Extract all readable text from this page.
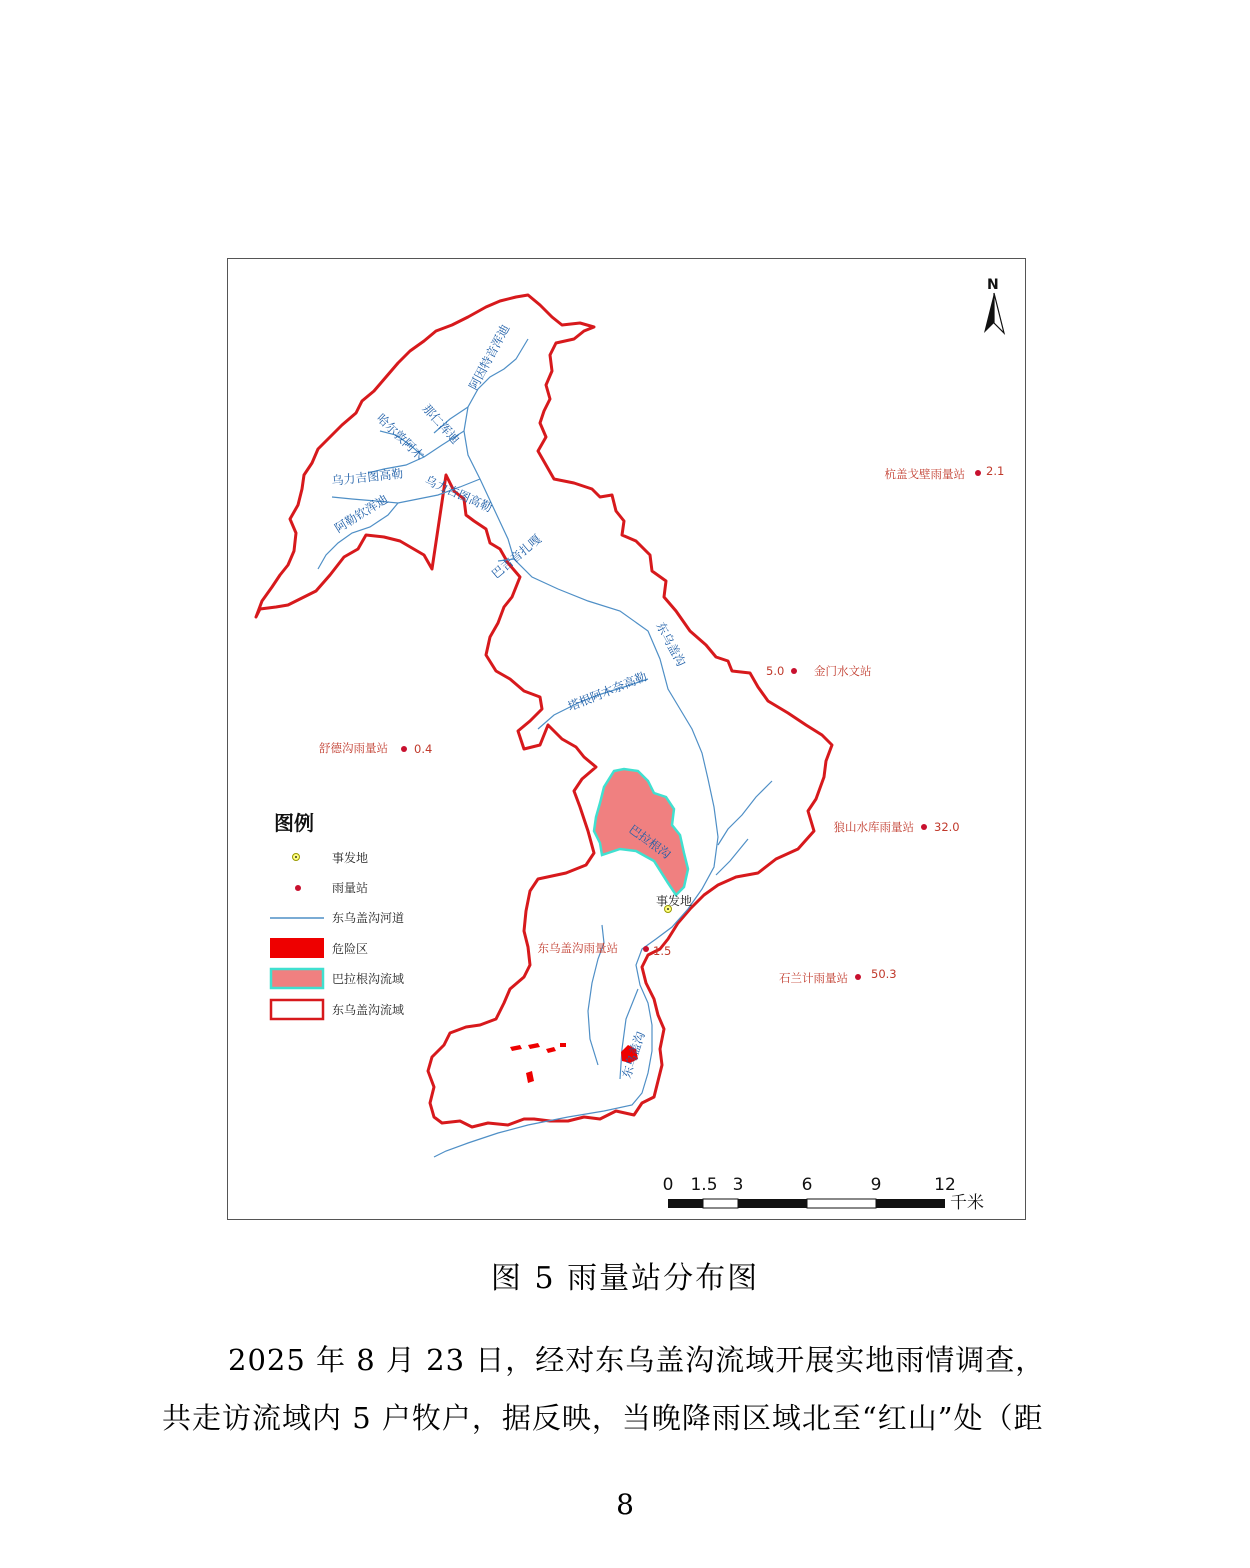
阿因特音浑迪
那仁浑迪
哈尔敦阿木
乌力吉图高勒 乌力吉图高勒
阿勒钦浑迪
巴吉音扎嘎
东乌盖沟
塔根阿木奈高勒
巴拉根沟
东乌盖沟
杭盖戈壁雨量站 2.1
5.0	金门水文站
舒德沟雨量站 0.4
狼山水库雨量站 32.0
东乌盖沟雨量站	1.5
石兰计雨量站 50.3
事发地
N
图例
事发地
雨量站
东乌盖沟河道
危险区
巴拉根沟流域
东乌盖沟流域
0 1.5 3	6	9	12
千米
图 5 雨量站分布图
2025 年 8 月 23 日，经对东乌盖沟流域开展实地雨情调查，
共走访流域内 5 户牧户，据反映，当晚降雨区域北至“红山”处（距
8
